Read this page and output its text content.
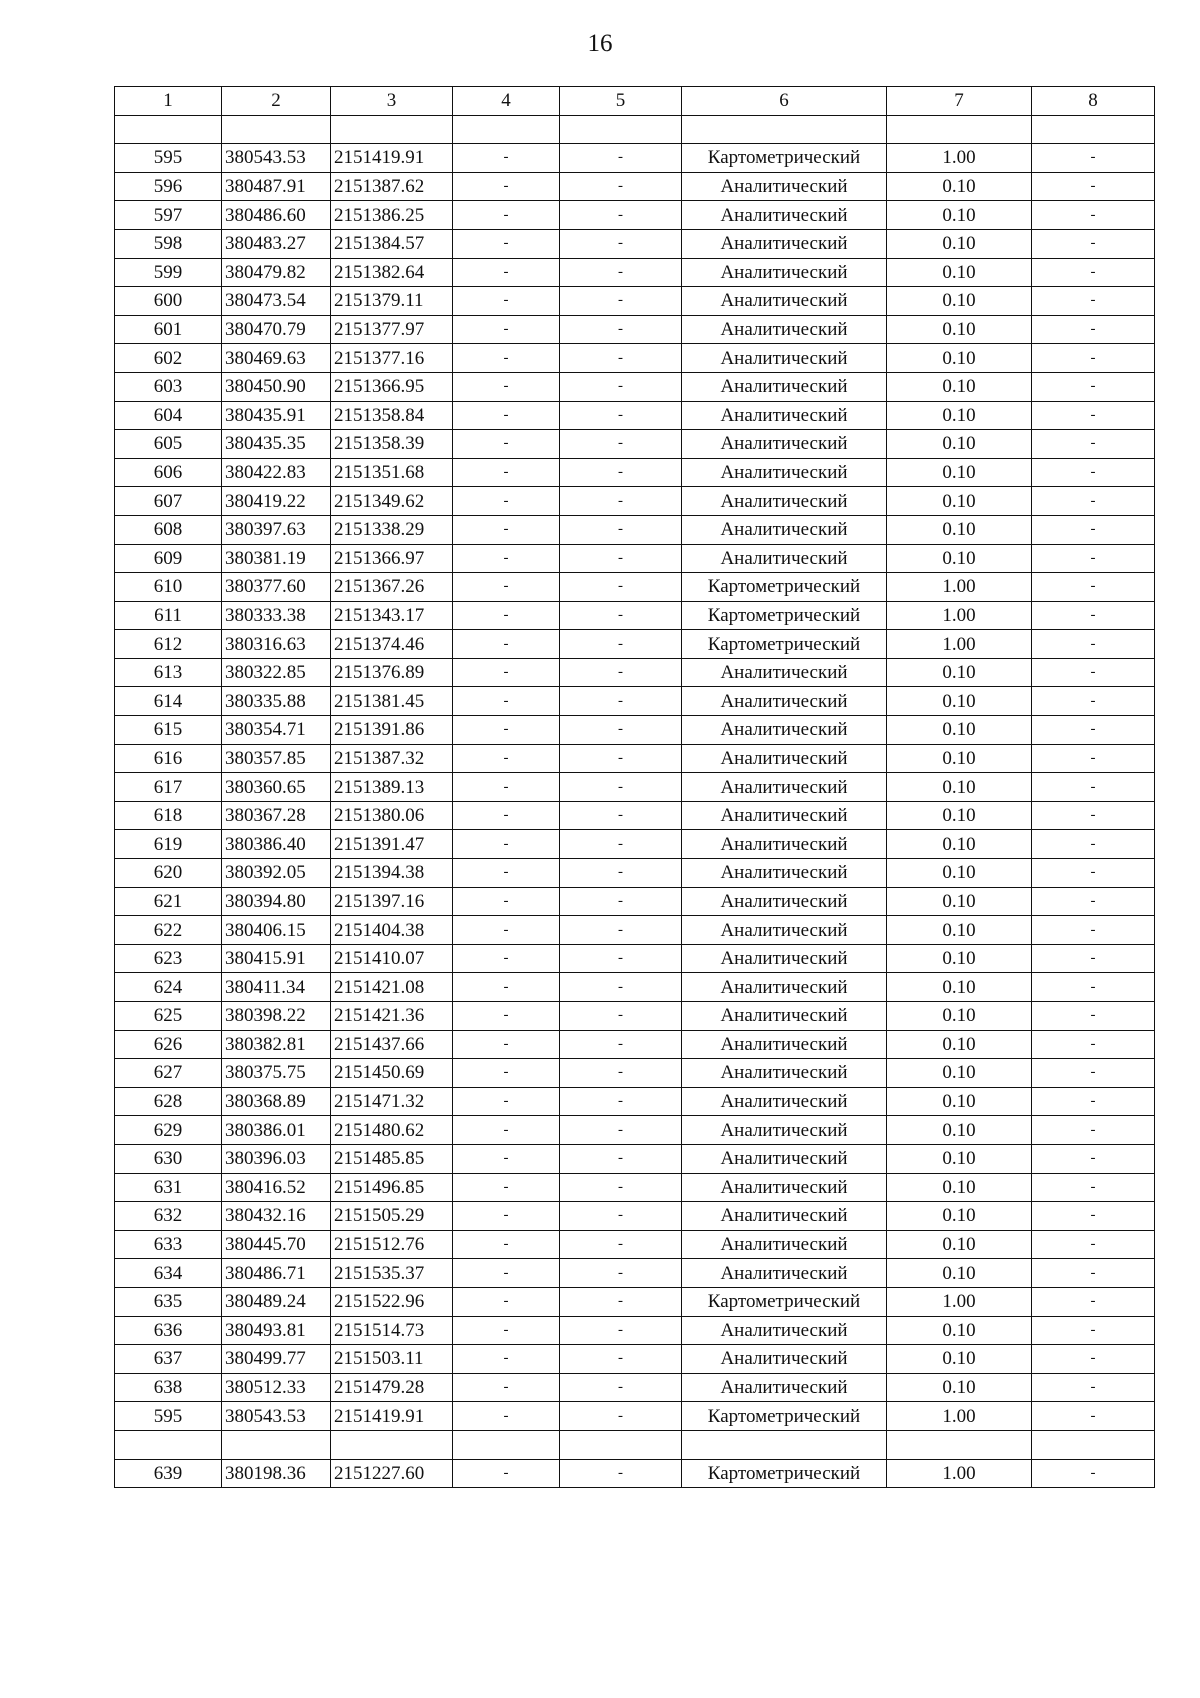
16
1	2	3	4	5	6	7	8

595	380543.53	2151419.91	-	-	Картометрический	1.00	-
596	380487.91	2151387.62	-	-	Аналитический	0.10	-
597	380486.60	2151386.25	-	-	Аналитический	0.10	-
598	380483.27	2151384.57	-	-	Аналитический	0.10	-
599	380479.82	2151382.64	-	-	Аналитический	0.10	-
600	380473.54	2151379.11	-	-	Аналитический	0.10	-
601	380470.79	2151377.97	-	-	Аналитический	0.10	-
602	380469.63	2151377.16	-	-	Аналитический	0.10	-
603	380450.90	2151366.95	-	-	Аналитический	0.10	-
604	380435.91	2151358.84	-	-	Аналитический	0.10	-
605	380435.35	2151358.39	-	-	Аналитический	0.10	-
606	380422.83	2151351.68	-	-	Аналитический	0.10	-
607	380419.22	2151349.62	-	-	Аналитический	0.10	-
608	380397.63	2151338.29	-	-	Аналитический	0.10	-
609	380381.19	2151366.97	-	-	Аналитический	0.10	-
610	380377.60	2151367.26	-	-	Картометрический	1.00	-
611	380333.38	2151343.17	-	-	Картометрический	1.00	-
612	380316.63	2151374.46	-	-	Картометрический	1.00	-
613	380322.85	2151376.89	-	-	Аналитический	0.10	-
614	380335.88	2151381.45	-	-	Аналитический	0.10	-
615	380354.71	2151391.86	-	-	Аналитический	0.10	-
616	380357.85	2151387.32	-	-	Аналитический	0.10	-
617	380360.65	2151389.13	-	-	Аналитический	0.10	-
618	380367.28	2151380.06	-	-	Аналитический	0.10	-
619	380386.40	2151391.47	-	-	Аналитический	0.10	-
620	380392.05	2151394.38	-	-	Аналитический	0.10	-
621	380394.80	2151397.16	-	-	Аналитический	0.10	-
622	380406.15	2151404.38	-	-	Аналитический	0.10	-
623	380415.91	2151410.07	-	-	Аналитический	0.10	-
624	380411.34	2151421.08	-	-	Аналитический	0.10	-
625	380398.22	2151421.36	-	-	Аналитический	0.10	-
626	380382.81	2151437.66	-	-	Аналитический	0.10	-
627	380375.75	2151450.69	-	-	Аналитический	0.10	-
628	380368.89	2151471.32	-	-	Аналитический	0.10	-
629	380386.01	2151480.62	-	-	Аналитический	0.10	-
630	380396.03	2151485.85	-	-	Аналитический	0.10	-
631	380416.52	2151496.85	-	-	Аналитический	0.10	-
632	380432.16	2151505.29	-	-	Аналитический	0.10	-
633	380445.70	2151512.76	-	-	Аналитический	0.10	-
634	380486.71	2151535.37	-	-	Аналитический	0.10	-
635	380489.24	2151522.96	-	-	Картометрический	1.00	-
636	380493.81	2151514.73	-	-	Аналитический	0.10	-
637	380499.77	2151503.11	-	-	Аналитический	0.10	-
638	380512.33	2151479.28	-	-	Аналитический	0.10	-
595	380543.53	2151419.91	-	-	Картометрический	1.00	-

639	380198.36	2151227.60	-	-	Картометрический	1.00	-
